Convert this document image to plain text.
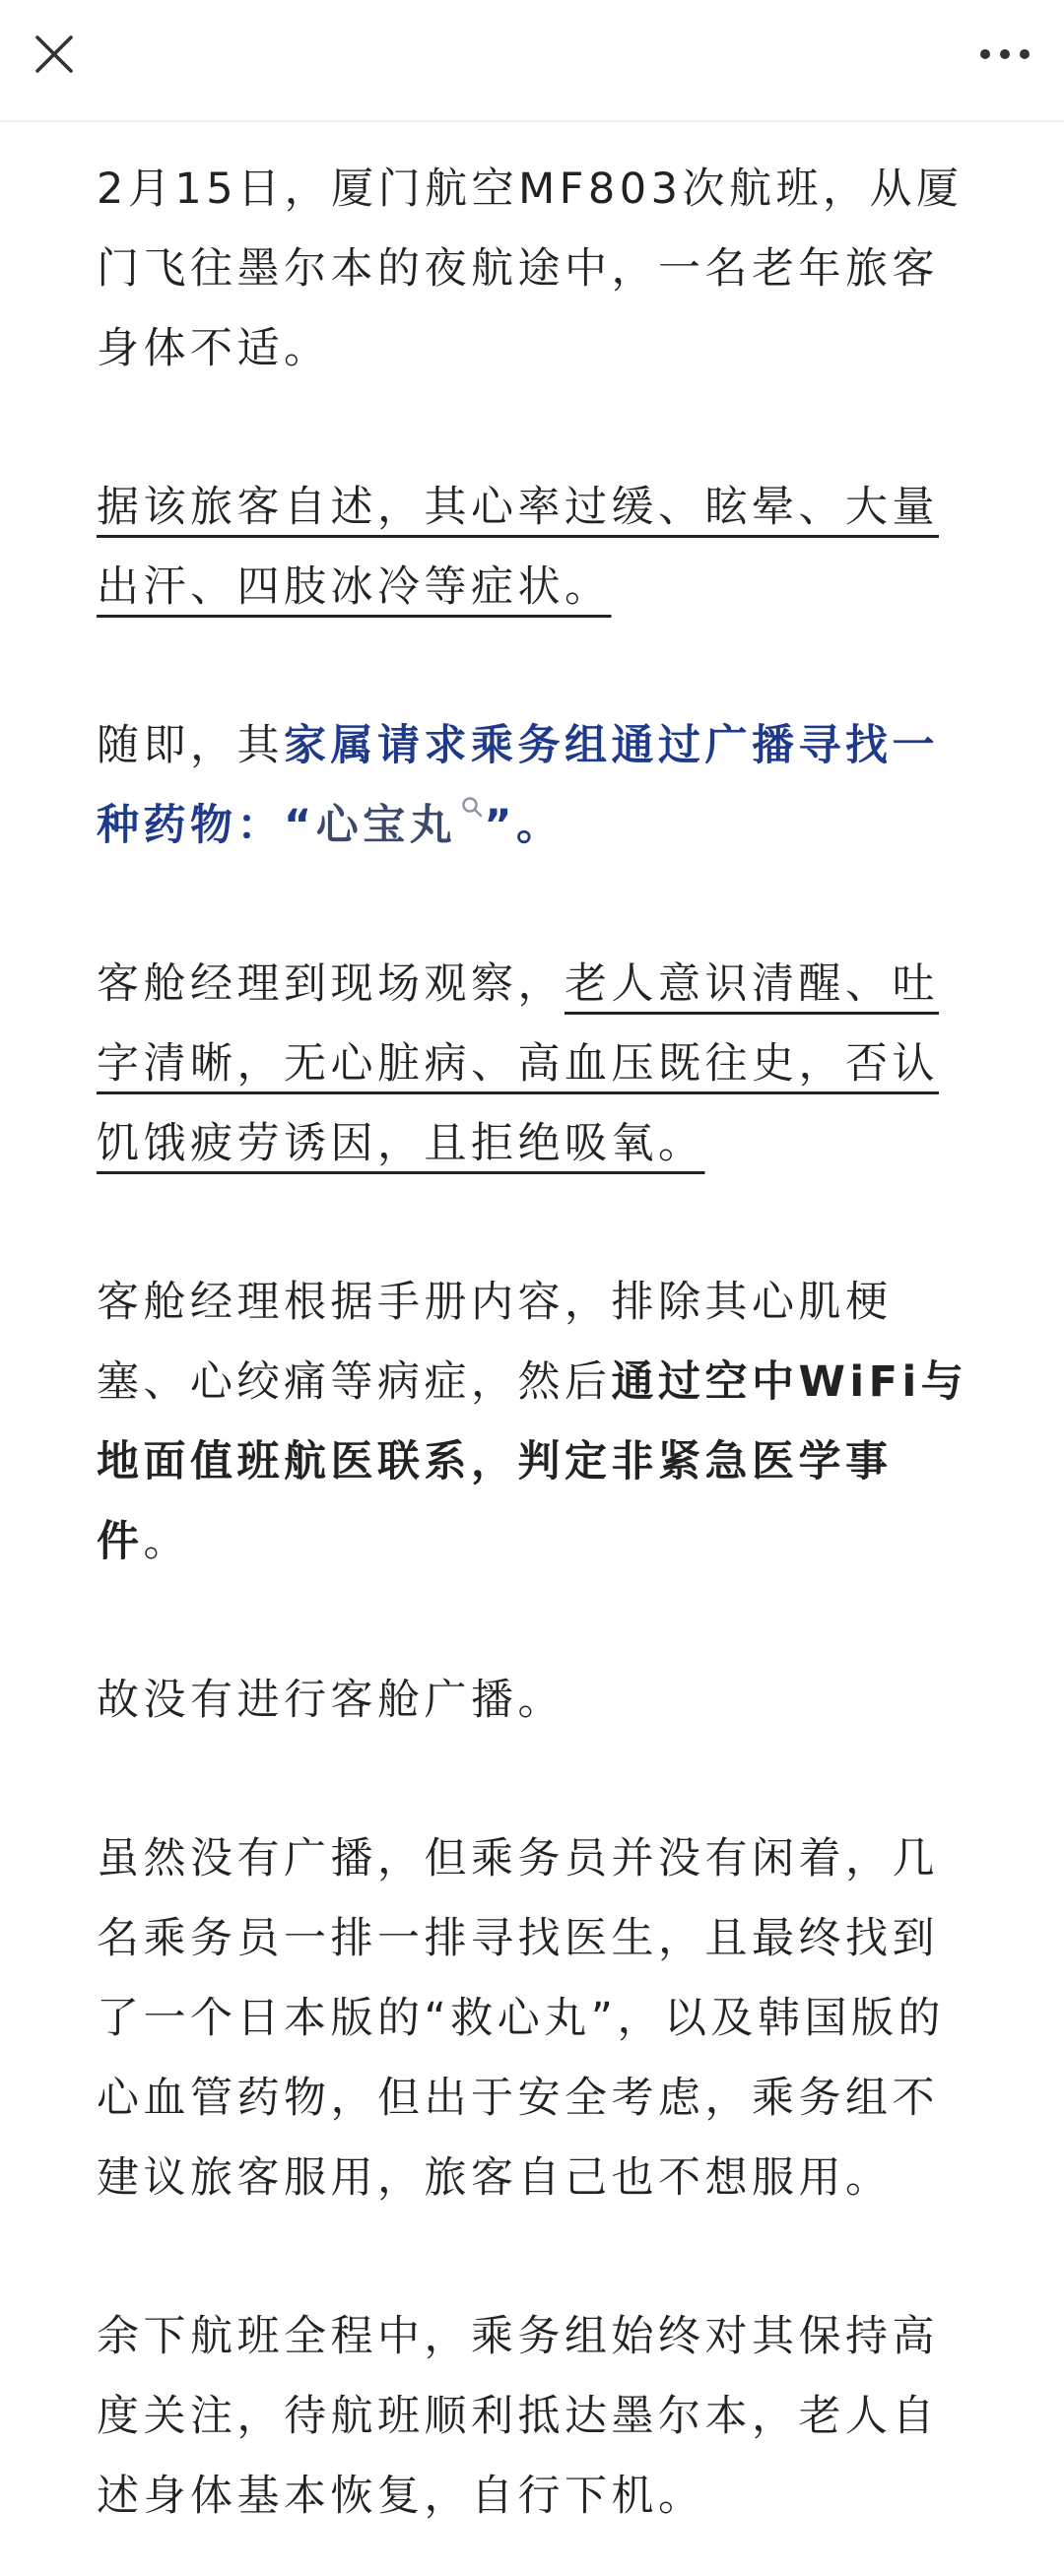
2月15日，厦门航空MF803次航班，从厦门飞往墨尔本的夜航途中，一名老年旅客身体不适。

据该旅客自述，其心率过缓、眩晕、大量出汗、四肢冰冷等症状。

随即，其家属请求乘务组通过广播寻找一种药物：“心宝丸 ”。

客舱经理到现场观察，老人意识清醒、吐字清晰，无心脏病、高血压既往史，否认饥饿疲劳诱因，且拒绝吸氧。

客舱经理根据手册内容，排除其心肌梗塞、心绞痛等病症，然后通过空中WiFi与地面值班航医联系，判定非紧急医学事件。

故没有进行客舱广播。

虽然没有广播，但乘务员并没有闲着，几名乘务员一排一排寻找医生，且最终找到了一个日本版的“救心丸”，以及韩国版的心血管药物，但出于安全考虑，乘务组不建议旅客服用，旅客自己也不想服用。

余下航班全程中，乘务组始终对其保持高度关注，待航班顺利抵达墨尔本，老人自述身体基本恢复，自行下机。
